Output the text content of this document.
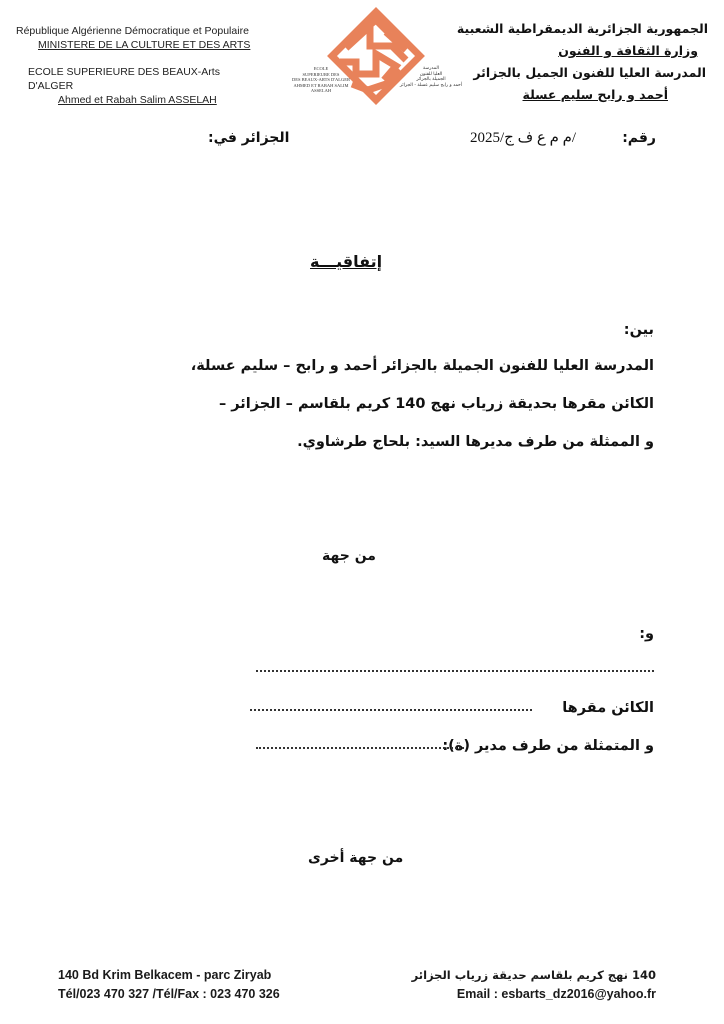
République Algérienne Démocratique et Populaire
MINISTERE DE LA CULTURE ET DES ARTS
ECOLE SUPERIEURE DES BEAUX-Arts D'ALGER
Ahmed et Rabah Salim ASSELAH
ECOLE
SUPERIEURE DES
DES BEAUX-ARTS D'ALGER
AHMED ET RABAH SALIM ASSELAH
المدرسة
العليا للفنون
الجميلة بالجزائر
أحمد و رابح سليم عسلة - الجزائر
الجمهورية الجزائرية الديمقراطية الشعبية
وزارة الثقافة و الفنون
المدرسة العليا للفنون الجميل بالجزائر
أحمد و رابح سليم عسلة
رقم:
/م م ع ف ج/2025
الجزائر في:
إتفاقيـــة
بين:
المدرسة العليا للفنون الجميلة بالجزائر أحمد و رابح – سليم عسلة،
الكائن مقرها بحديقة زرياب نهج 140 كريم بلقاسم – الجزائر –
و الممثلة من طرف مديرها السيد: بلحاج طرشاوي.
من جهة
و:
الكائن مقرها
و المتمثلة من طرف مدير (ة):
من جهة أخرى
140 Bd Krim Belkacem - parc Ziryab
Tél/023 470 327 /Tél/Fax : 023 470 326
140 نهج كريم بلقاسم حديقة زرياب الجزائر
Email : esbarts_dz2016@yahoo.fr
